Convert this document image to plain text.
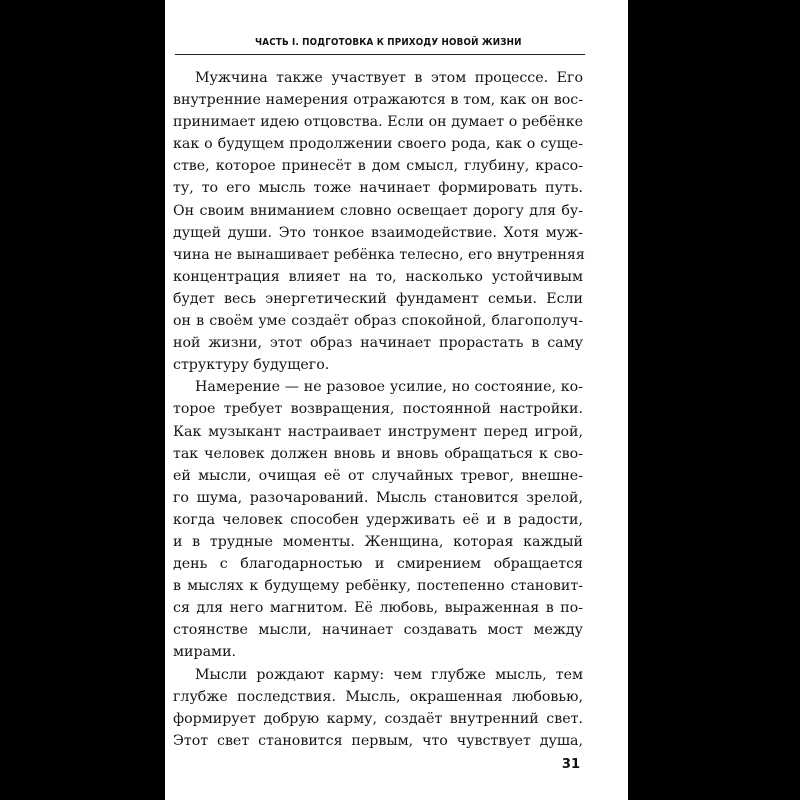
ЧАСТЬ I. ПОДГОТОВКА К ПРИХОДУ НОВОЙ ЖИЗНИ
Мужчина также участвует в этом процессе. Его
внутренние намерения отражаются в том, как он вос-
принимает идею отцовства. Если он думает о ребёнке
как о будущем продолжении своего рода, как о суще-
стве, которое принесёт в дом смысл, глубину, красо-
ту, то его мысль тоже начинает формировать путь.
Он своим вниманием словно освещает дорогу для бу-
дущей души. Это тонкое взаимодействие. Хотя муж-
чина не вынашивает ребёнка телесно, его внутренняя
концентрация влияет на то, насколько устойчивым
будет весь энергетический фундамент семьи. Если
он в своём уме создаёт образ спокойной, благополуч-
ной жизни, этот образ начинает прорастать в саму
структуру будущего.
Намерение — не разовое усилие, но состояние, ко-
торое требует возвращения, постоянной настройки.
Как музыкант настраивает инструмент перед игрой,
так человек должен вновь и вновь обращаться к сво-
ей мысли, очищая её от случайных тревог, внешне-
го шума, разочарований. Мысль становится зрелой,
когда человек способен удерживать её и в радости,
и в трудные моменты. Женщина, которая каждый
день с благодарностью и смирением обращается
в мыслях к будущему ребёнку, постепенно становит-
ся для него магнитом. Её любовь, выраженная в по-
стоянстве мысли, начинает создавать мост между
мирами.
Мысли рождают карму: чем глубже мысль, тем
глубже последствия. Мысль, окрашенная любовью,
формирует добрую карму, создаёт внутренний свет.
Этот свет становится первым, что чувствует душа,
31
